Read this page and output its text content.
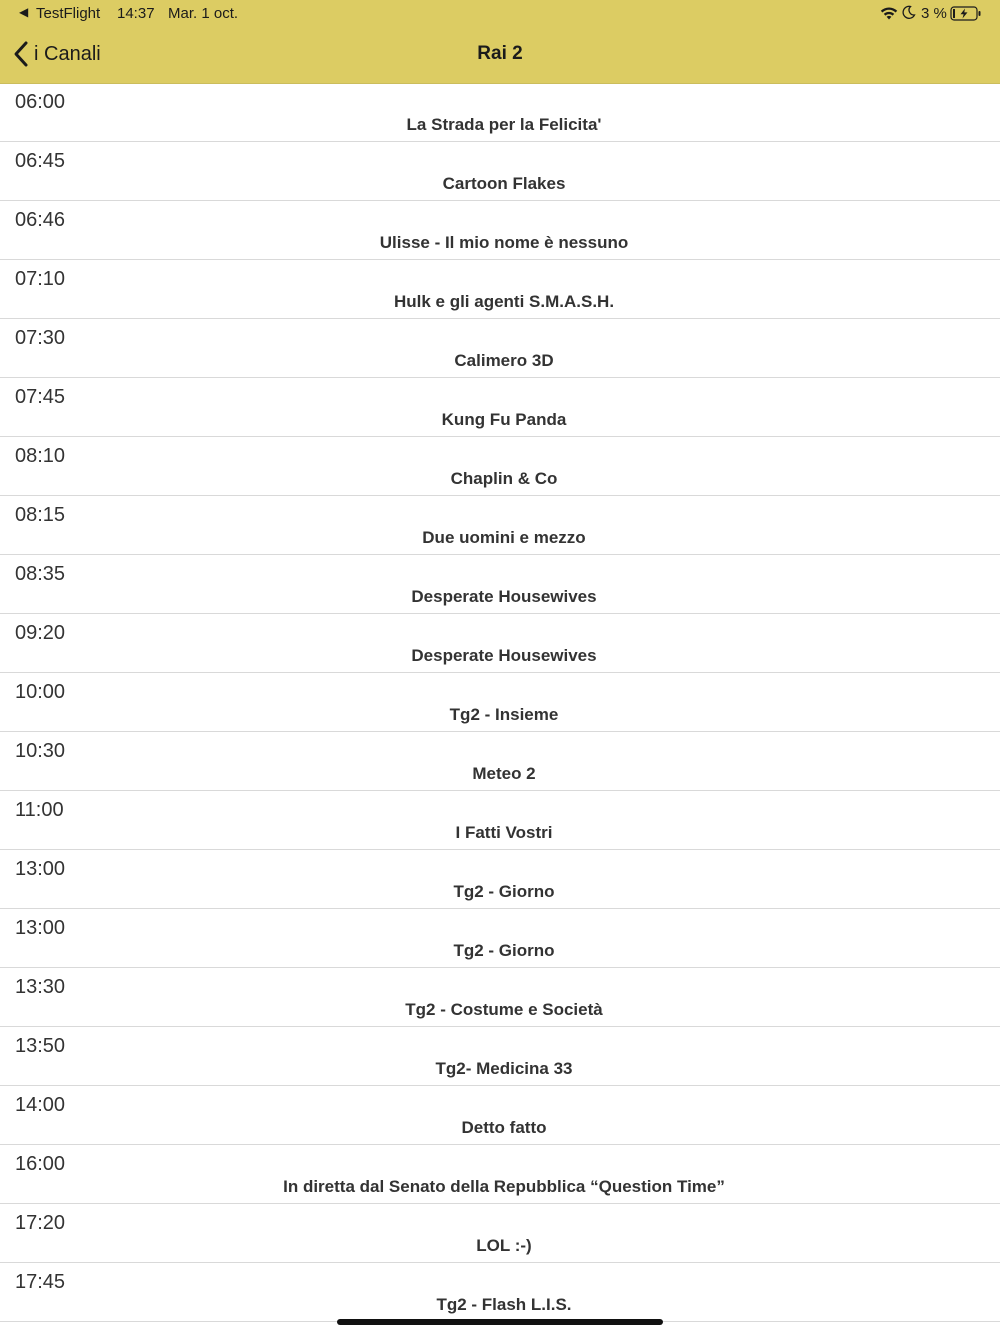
◀ TestFlight 14:37 Mar. 1 oct.	3 %
i Canali	Rai 2
06:00
La Strada per la Felicita'
06:45
Cartoon Flakes
06:46
Ulisse - Il mio nome è nessuno
07:10
Hulk e gli agenti S.M.A.S.H.
07:30
Calimero 3D
07:45
Kung Fu Panda
08:10
Chaplin & Co
08:15
Due uomini e mezzo
08:35
Desperate Housewives
09:20
Desperate Housewives
10:00
Tg2 - Insieme
10:30
Meteo 2
11:00
I Fatti Vostri
13:00
Tg2 - Giorno
13:00
Tg2 - Giorno
13:30
Tg2 - Costume e Società
13:50
Tg2- Medicina 33
14:00
Detto fatto
16:00
In diretta dal Senato della Repubblica “Question Time”
17:20
LOL :-)
17:45
Tg2 - Flash L.I.S.
